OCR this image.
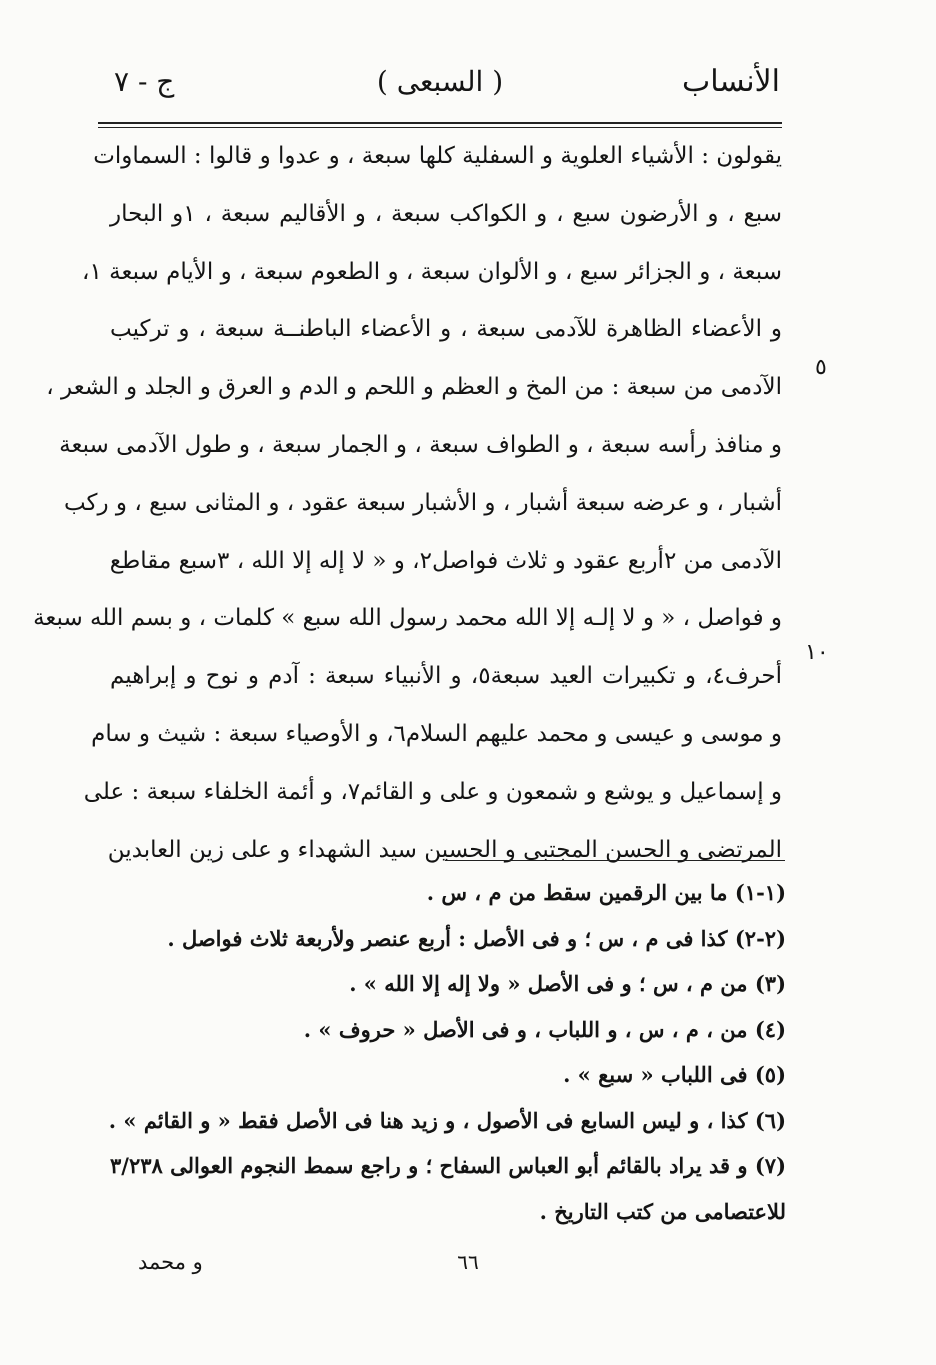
ج - ٧	( السبعى )	الأنساب
يقولون : الأشياء العلوية و السفلية كلها سبعة ، و عدوا و قالوا : السماوات
سبع ، و الأرضون سبع ، و الكواكب سبعة ، و الأقاليم سبعة ، ١و البحار
سبعة ، و الجزائر سبع ، و الألوان سبعة ، و الطعوم سبعة ، و الأيام سبعة ١،
و الأعضاء الظاهرة للآدمى سبعة ، و الأعضاء الباطنــة سبعة ، و تركيب
الآدمى من سبعة : من المخ و العظم و اللحم و الدم و العرق و الجلد و الشعر ،
و منافذ رأسه سبعة ، و الطواف سبعة ، و الجمار سبعة ، و طول الآدمى سبعة
أشبار ، و عرضه سبعة أشبار ، و الأشبار سبعة عقود ، و المثانى سبع ، و ركب
الآدمى من ٢أربع عقود و ثلاث فواصل٢، و « لا إله إلا الله ، ٣سبع مقاطع
و فواصل ، « و لا إلـه إلا الله محمد رسول الله سبع » كلمات ، و بسم الله سبعة
أحرف٤، و تكبيرات العيد سبعة٥، و الأنبياء سبعة : آدم و نوح و إبراهيم
و موسى و عيسى و محمد عليهم السلام٦، و الأوصياء سبعة : شيث و سام
و إسماعيل و يوشع و شمعون و على و القائم٧، و أئمة الخلفاء سبعة : على
المرتضى و الحسن المجتبى و الحسين سيد الشهداء و على زين العابدين
٥
١٠
(١-١) ما بين الرقمين سقط من م ، س .
(٢-٢) كذا فى م ، س ؛ و فى الأصل : أربع عنصر ولأربعة ثلاث فواصل .
(٣) من م ، س ؛ و فى الأصل « ولا إله إلا الله » .
(٤) من ، م ، س ، و اللباب ، و فى الأصل « حروف » .
(٥) فى اللباب « سبع » .
(٦) كذا ، و ليس السابع فى الأصول ، و زيد هنا فى الأصل فقط « و القائم » .
(٧) و قد يراد بالقائم أبو العباس السفاح ؛ و راجع سمط النجوم العوالى ٣/٢٣٨
للاعتصامى من كتب التاريخ .
٦٦
و محمد
